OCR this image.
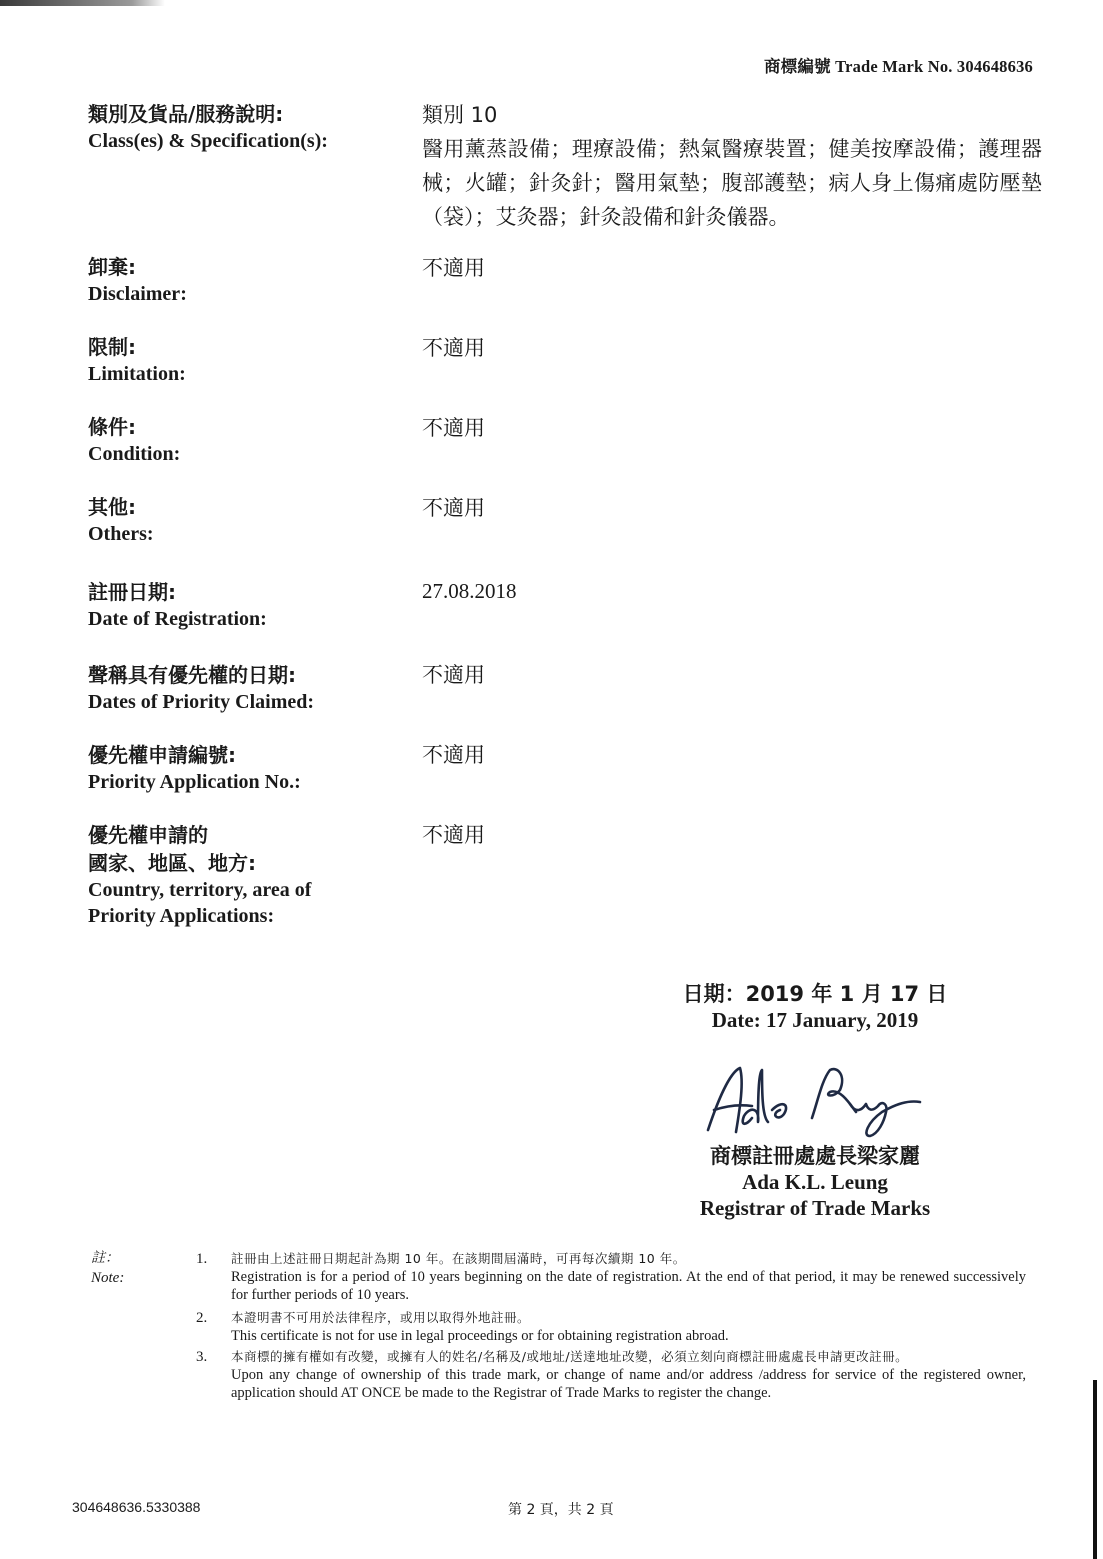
商標編號 Trade Mark No. 304648636
類別及貨品/服務說明:
Class(es) & Specification(s):
類別 10
醫用薰蒸設備；理療設備；熱氣醫療裝置；健美按摩設備；護理器械；火罐；針灸針；醫用氣墊；腹部護墊；病人身上傷痛處防壓墊（袋）；艾灸器；針灸設備和針灸儀器。
卸棄:
Disclaimer:
不適用
限制:
Limitation:
不適用
條件:
Condition:
不適用
其他:
Others:
不適用
註冊日期:
Date of Registration:
27.08.2018
聲稱具有優先權的日期:
Dates of Priority Claimed:
不適用
優先權申請編號:
Priority Application No.:
不適用
優先權申請的
國家、地區、地方:
Country, territory, area of
Priority Applications:
不適用
日期：2019 年 1 月 17 日
Date: 17 January, 2019
商標註冊處處長梁家麗
Ada K.L. Leung
Registrar of Trade Marks
註：
Note:
1.	註冊由上述註冊日期起計為期 10 年。在該期間屆滿時，可再每次續期 10 年。
Registration is for a period of 10 years beginning on the date of registration. At the end of that period, it may be renewed successively for further periods of 10 years.
2.	本證明書不可用於法律程序，或用以取得外地註冊。
This certificate is not for use in legal proceedings or for obtaining registration abroad.
3.	本商標的擁有權如有改變，或擁有人的姓名/名稱及/或地址/送達地址改變，必須立刻向商標註冊處處長申請更改註冊。
Upon any change of ownership of this trade mark, or change of name and/or address /address for service of the registered owner, application should AT ONCE be made to the Registrar of Trade Marks to register the change.
304648636.5330388	第 2 頁，共 2 頁
